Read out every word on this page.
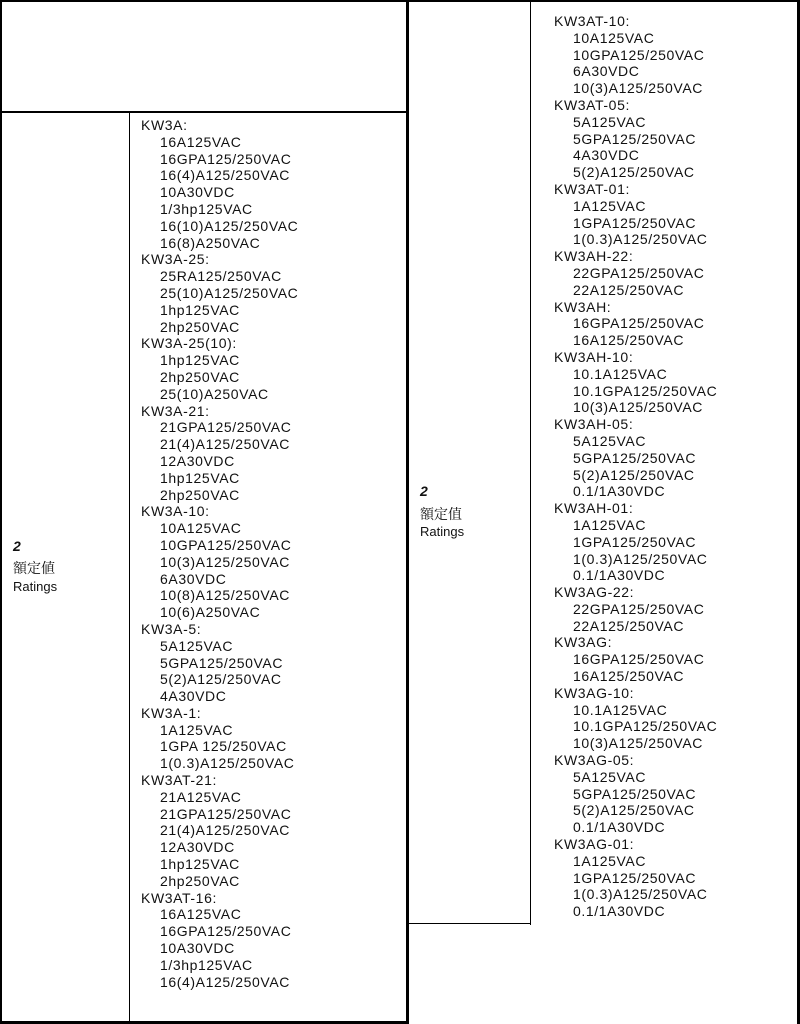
2
額定値
Ratings
2
額定值
Ratings
KW3A:
16A125VAC
16GPA125/250VAC
16(4)A125/250VAC
10A30VDC
1/3hp125VAC
16(10)A125/250VAC
16(8)A250VAC
KW3A-25:
25RA125/250VAC
25(10)A125/250VAC
1hp125VAC
2hp250VAC
KW3A-25(10):
1hp125VAC
2hp250VAC
25(10)A250VAC
KW3A-21:
21GPA125/250VAC
21(4)A125/250VAC
12A30VDC
1hp125VAC
2hp250VAC
KW3A-10:
10A125VAC
10GPA125/250VAC
10(3)A125/250VAC
6A30VDC
10(8)A125/250VAC
10(6)A250VAC
KW3A-5:
5A125VAC
5GPA125/250VAC
5(2)A125/250VAC
4A30VDC
KW3A-1:
1A125VAC
1GPA 125/250VAC
1(0.3)A125/250VAC
KW3AT-21:
21A125VAC
21GPA125/250VAC
21(4)A125/250VAC
12A30VDC
1hp125VAC
2hp250VAC
KW3AT-16:
16A125VAC
16GPA125/250VAC
10A30VDC
1/3hp125VAC
16(4)A125/250VAC
KW3AT-10:
10A125VAC
10GPA125/250VAC
6A30VDC
10(3)A125/250VAC
KW3AT-05:
5A125VAC
5GPA125/250VAC
4A30VDC
5(2)A125/250VAC
KW3AT-01:
1A125VAC
1GPA125/250VAC
1(0.3)A125/250VAC
KW3AH-22:
22GPA125/250VAC
22A125/250VAC
KW3AH:
16GPA125/250VAC
16A125/250VAC
KW3AH-10:
10.1A125VAC
10.1GPA125/250VAC
10(3)A125/250VAC
KW3AH-05:
5A125VAC
5GPA125/250VAC
5(2)A125/250VAC
0.1/1A30VDC
KW3AH-01:
1A125VAC
1GPA125/250VAC
1(0.3)A125/250VAC
0.1/1A30VDC
KW3AG-22:
22GPA125/250VAC
22A125/250VAC
KW3AG:
16GPA125/250VAC
16A125/250VAC
KW3AG-10:
10.1A125VAC
10.1GPA125/250VAC
10(3)A125/250VAC
KW3AG-05:
5A125VAC
5GPA125/250VAC
5(2)A125/250VAC
0.1/1A30VDC
KW3AG-01:
1A125VAC
1GPA125/250VAC
1(0.3)A125/250VAC
0.1/1A30VDC
